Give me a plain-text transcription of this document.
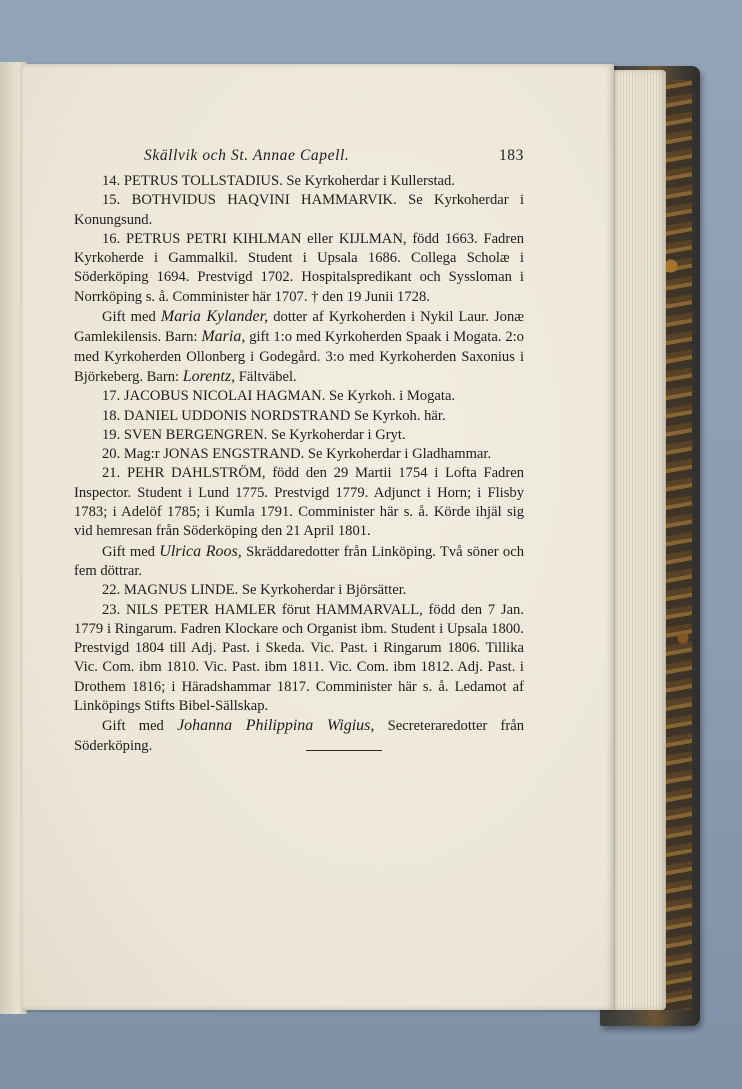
Skällvik och St. Annae Capell.	183

14. PETRUS TOLLSTADIUS. Se Kyrkoherdar i Kullerstad.

15. BOTHVIDUS HAQVINI HAMMARVIK. Se Kyrkoherdar i Konungsund.

16. PETRUS PETRI KIHLMAN eller KIJLMAN, född 1663. Fadren Kyrkoherde i Gammalkil. Student i Upsala 1686. Collega Scholæ i Söderköping 1694. Prestvigd 1702. Hospitalspredikant och Syssloman i Norrköping s. å. Comminister här 1707. † den 19 Junii 1728.

Gift med Maria Kylander, dotter af Kyrkoherden i Nykil Laur. Jonæ Gamlekilensis. Barn: Maria, gift 1:o med Kyrkoherden Spaak i Mogata. 2:o med Kyrkoherden Ollonberg i Godegård. 3:o med Kyrkoherden Saxonius i Björkeberg. Barn: Lorentz, Fältväbel.

17. JACOBUS NICOLAI HAGMAN. Se Kyrkoh. i Mogata.

18. DANIEL UDDONIS NORDSTRAND Se Kyrkoh. här.

19. SVEN BERGENGREN. Se Kyrkoherdar i Gryt.

20. Mag:r JONAS ENGSTRAND. Se Kyrkoherdar i Gladhammar.

21. PEHR DAHLSTRÖM, född den 29 Martii 1754 i Lofta Fadren Inspector. Student i Lund 1775. Prestvigd 1779. Adjunct i Horn; i Flisby 1783; i Adelöf 1785; i Kumla 1791. Comminister här s. å. Körde ihjäl sig vid hemresan från Söderköping den 21 April 1801.

Gift med Ulrica Roos, Skräddaredotter från Linköping. Två söner och fem döttrar.

22. MAGNUS LINDE. Se Kyrkoherdar i Björsätter.

23. NILS PETER HAMLER förut HAMMARVALL, född den 7 Jan. 1779 i Ringarum. Fadren Klockare och Organist ibm. Student i Upsala 1800. Prestvigd 1804 till Adj. Past. i Skeda. Vic. Past. i Ringarum 1806. Tillika Vic. Com. ibm 1810. Vic. Past. ibm 1811. Vic. Com. ibm 1812. Adj. Past. i Drothem 1816; i Häradshammar 1817. Comminister här s. å. Ledamot af Linköpings Stifts Bibel-Sällskap.

Gift med Johanna Philippina Wigius, Secreteraredotter från Söderköping.
